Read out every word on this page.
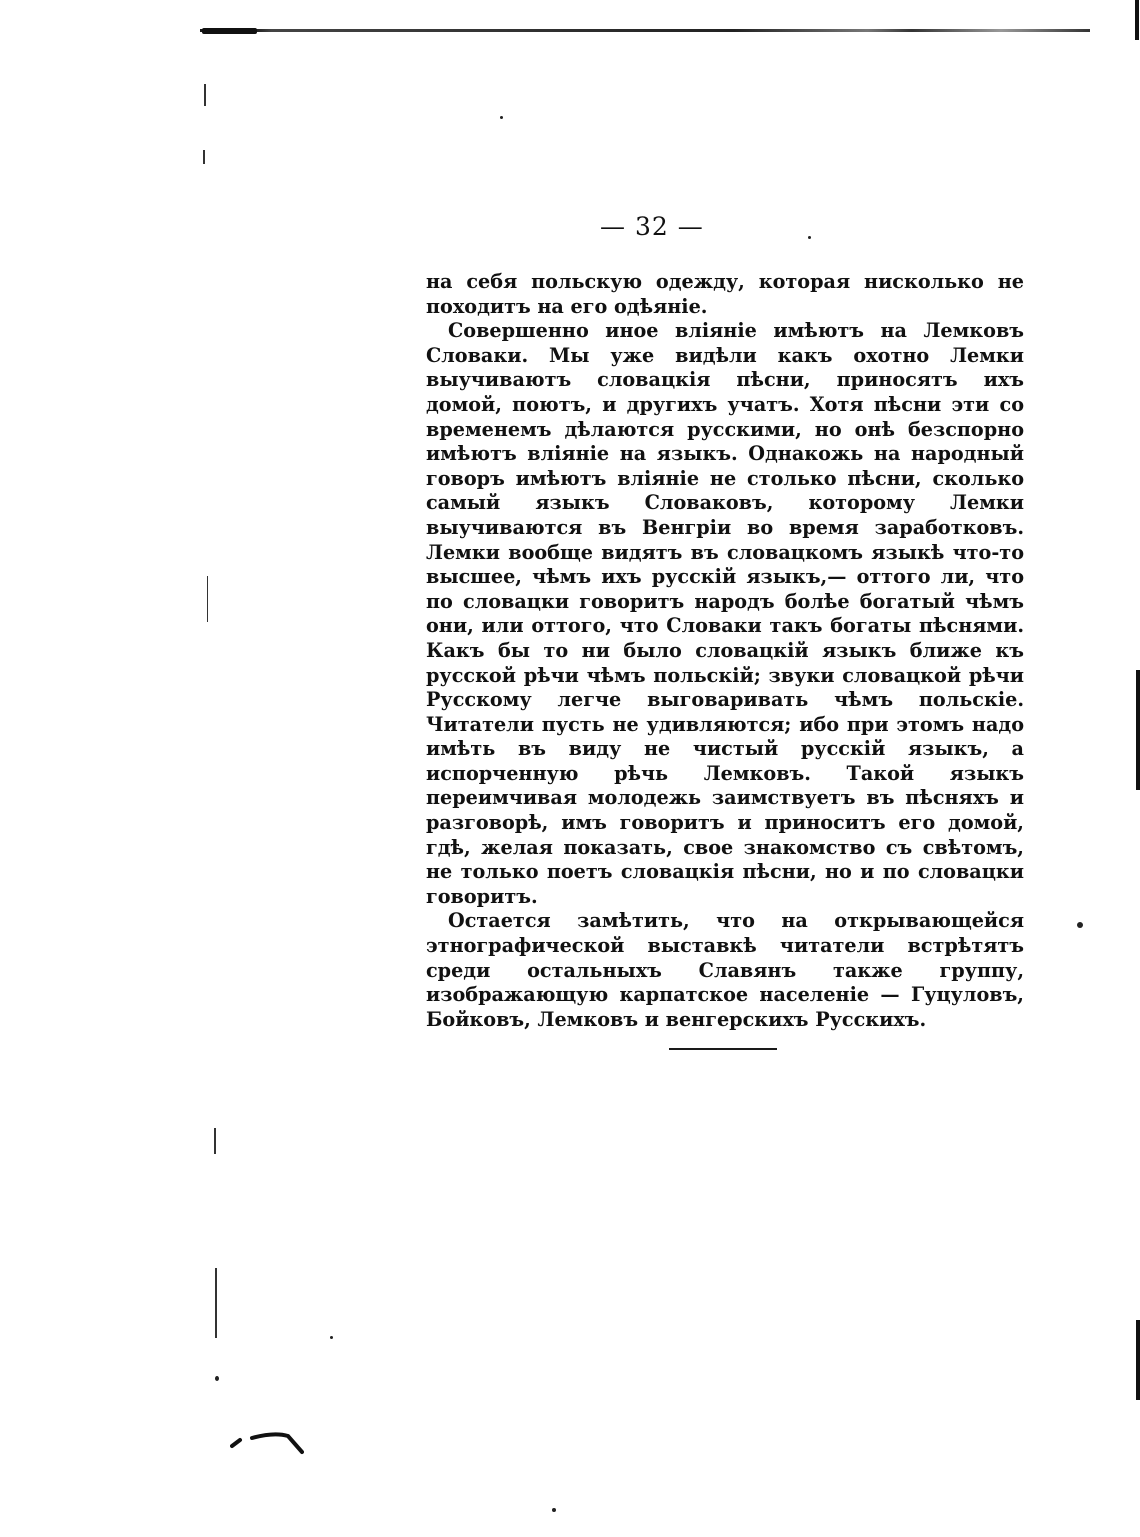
— 32 —

на себя польскую одежду, которая нисколько не походитъ на его одѣяніе.

Совершенно иное вліяніе имѣютъ на Лемковъ Словаки. Мы уже видѣли какъ охотно Лемки выучиваютъ словацкія пѣсни, приносятъ ихъ домой, поютъ, и другихъ учатъ. Хотя пѣсни эти со временемъ дѣлаются русскими, но онѣ безспорно имѣютъ вліяніе на языкъ. Однакожь на народный говоръ имѣютъ вліяніе не столько пѣсни, сколько самый языкъ Словаковъ, которому Лемки выучиваются въ Венгріи во время заработковъ. Лемки вообще видятъ въ словацкомъ языкѣ что-то высшее, чѣмъ ихъ русскій языкъ,— оттого ли, что по словацки говоритъ народъ болѣе богатый чѣмъ они, или оттого, что Словаки такъ богаты пѣснями. Какъ бы то ни было словацкій языкъ ближе къ русской рѣчи чѣмъ польскій; звуки словацкой рѣчи Русскому легче выговаривать чѣмъ польскіе. Читатели пусть не удивляются; ибо при этомъ надо имѣть въ виду не чистый русскій языкъ, а испорченную рѣчь Лемковъ. Такой языкъ переимчивая молодежь заимствуетъ въ пѣсняхъ и разговорѣ, имъ говоритъ и приноситъ его домой, гдѣ, желая показать, свое знакомство съ свѣтомъ, не только поетъ словацкія пѣсни, но и по словацки говоритъ.

Остается замѣтить, что на открывающейся этнографической выставкѣ читатели встрѣтятъ среди остальныхъ Славянъ также группу, изображающую карпатское населеніе — Гуцуловъ, Бойковъ, Лемковъ и венгерскихъ Русскихъ.
